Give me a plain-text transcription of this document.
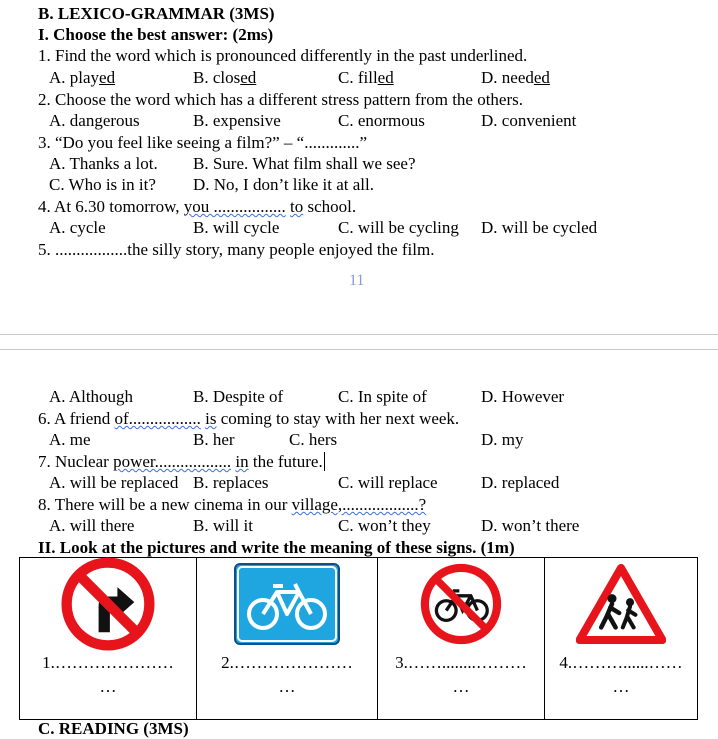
B. LEXICO-GRAMMAR (3MS)
I. Choose the best answer: (2ms)
1. Find the word which is pronounced differently in the past underlined.
A. played	B. closed	C. filled	D. needed
2. Choose the word which has a different stress pattern from the others.
A. dangerous	B. expensive	C. enormous	D. convenient
3. “Do you feel like seeing a film?” – “.............”
A. Thanks a lot. B. Sure. What film shall we see?
C. Who is in it? D. No, I don’t like it at all.
4. At 6.30 tomorrow, you ................. to school.
A. cycle	B. will cycle	C. will be cycling D. will be cycled
5. .................the silly story, many people enjoyed the film.
11
A. Although	B. Despite of	C. In spite of	D. However
6. A friend of................. is coming to stay with her next week.
A. me	B. her	C. hers	D. my
7. Nuclear power.................. in the future.
A. will be replaced B. replaces	C. will replace	D. replaced
8. There will be a new cinema in our village,..................?
A. will there	B. will it	C. won’t they	D. won’t there
II. Look at the pictures and write the meaning of these signs. (1m)
1.…………………
…

2.…………………
…

3.……........………
…

4.………......……
…
C. READING (3MS)
